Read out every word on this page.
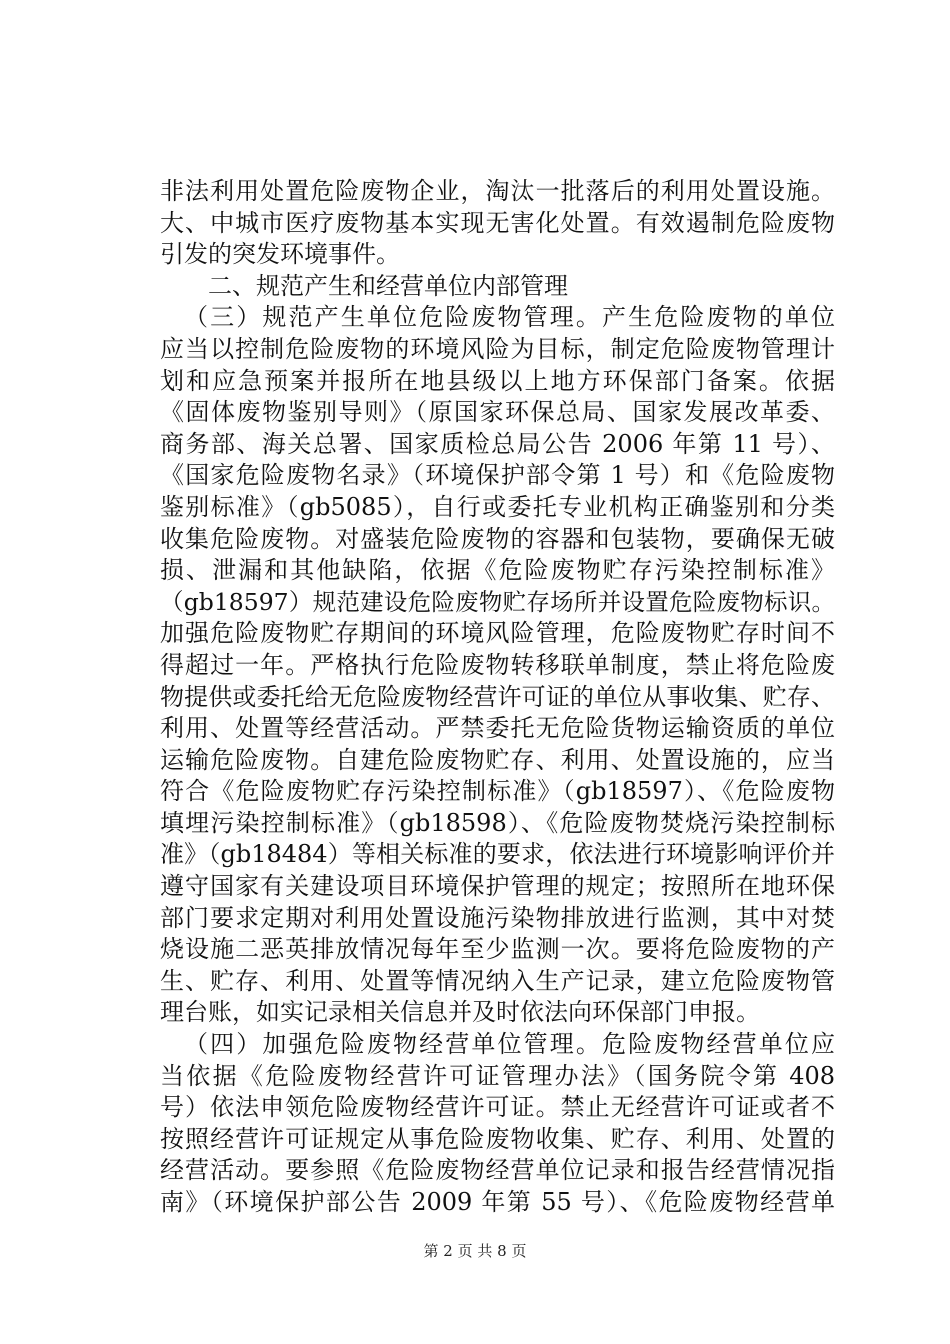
非法利用处置危险废物企业，淘汰一批落后的利用处置设施。
大、中城市医疗废物基本实现无害化处置。有效遏制危险废物
引发的突发环境事件。
二、规范产生和经营单位内部管理
（三）规范产生单位危险废物管理。产生危险废物的单位
应当以控制危险废物的环境风险为目标，制定危险废物管理计
划和应急预案并报所在地县级以上地方环保部门备案。依据
《固体废物鉴别导则》（原国家环保总局、国家发展改革委、
商务部、海关总署、国家质检总局公告 2006 年第 11 号）、
《国家危险废物名录》（环境保护部令第 1 号）和《危险废物
鉴别标准》（gb5085），自行或委托专业机构正确鉴别和分类
收集危险废物。对盛装危险废物的容器和包装物，要确保无破
损、泄漏和其他缺陷，依据《危险废物贮存污染控制标准》
（gb18597）规范建设危险废物贮存场所并设置危险废物标识。
加强危险废物贮存期间的环境风险管理，危险废物贮存时间不
得超过一年。严格执行危险废物转移联单制度，禁止将危险废
物提供或委托给无危险废物经营许可证的单位从事收集、贮存、
利用、处置等经营活动。严禁委托无危险货物运输资质的单位
运输危险废物。自建危险废物贮存、利用、处置设施的，应当
符合《危险废物贮存污染控制标准》（gb18597）、《危险废物
填埋污染控制标准》（gb18598）、《危险废物焚烧污染控制标
准》（gb18484）等相关标准的要求，依法进行环境影响评价并
遵守国家有关建设项目环境保护管理的规定；按照所在地环保
部门要求定期对利用处置设施污染物排放进行监测，其中对焚
烧设施二恶英排放情况每年至少监测一次。要将危险废物的产
生、贮存、利用、处置等情况纳入生产记录，建立危险废物管
理台账，如实记录相关信息并及时依法向环保部门申报。
（四）加强危险废物经营单位管理。危险废物经营单位应
当依据《危险废物经营许可证管理办法》（国务院令第 408
号）依法申领危险废物经营许可证。禁止无经营许可证或者不
按照经营许可证规定从事危险废物收集、贮存、利用、处置的
经营活动。要参照《危险废物经营单位记录和报告经营情况指
南》（环境保护部公告 2009 年第 55 号）、《危险废物经营单
第 2 页 共 8 页
